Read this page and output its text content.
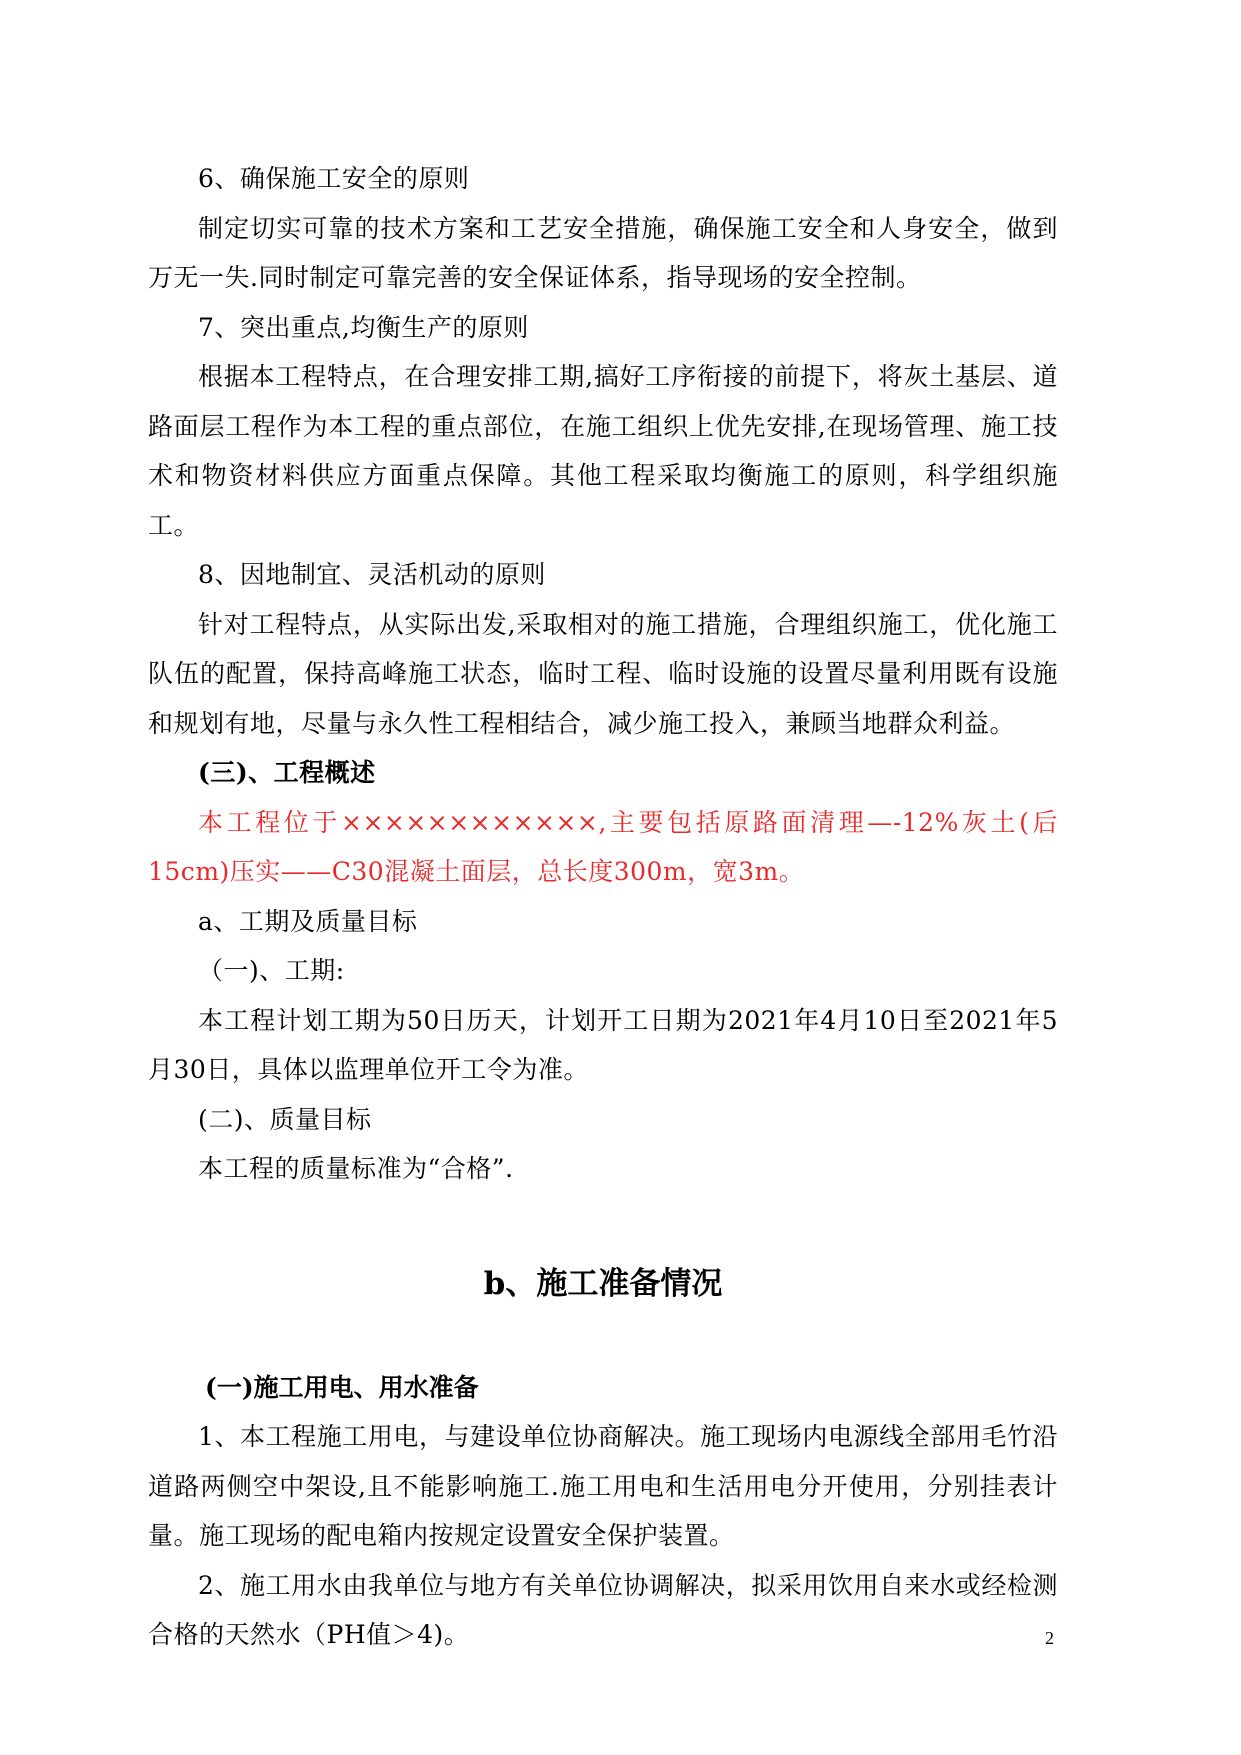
6、确保施工安全的原则

制定切实可靠的技术方案和工艺安全措施，确保施工安全和人身安全，做到万无一失.同时制定可靠完善的安全保证体系，指导现场的安全控制。

7、突出重点,均衡生产的原则

根据本工程特点，在合理安排工期,搞好工序衔接的前提下，将灰土基层、道路面层工程作为本工程的重点部位，在施工组织上优先安排,在现场管理、施工技术和物资材料供应方面重点保障。其他工程采取均衡施工的原则，科学组织施工。

8、因地制宜、灵活机动的原则

针对工程特点，从实际出发,采取相对的施工措施，合理组织施工，优化施工队伍的配置，保持高峰施工状态，临时工程、临时设施的设置尽量利用既有设施和规划有地，尽量与永久性工程相结合，减少施工投入，兼顾当地群众利益。

(三)、工程概述

本工程位于××××××××××××,主要包括原路面清理—-12%灰土(后15cm)压实——C30混凝土面层，总长度300m，宽3m。

a、工期及质量目标

（一)、工期:

本工程计划工期为50日历天，计划开工日期为2021年4月10日至2021年5月30日，具体以监理单位开工令为准。

(二)、质量目标

本工程的质量标准为“合格”.

b、施工准备情况

(一)施工用电、用水准备

1、本工程施工用电，与建设单位协商解决。施工现场内电源线全部用毛竹沿道路两侧空中架设,且不能影响施工.施工用电和生活用电分开使用，分别挂表计量。施工现场的配电箱内按规定设置安全保护装置。

2、施工用水由我单位与地方有关单位协调解决，拟采用饮用自来水或经检测合格的天然水（PH值＞4)。	2
